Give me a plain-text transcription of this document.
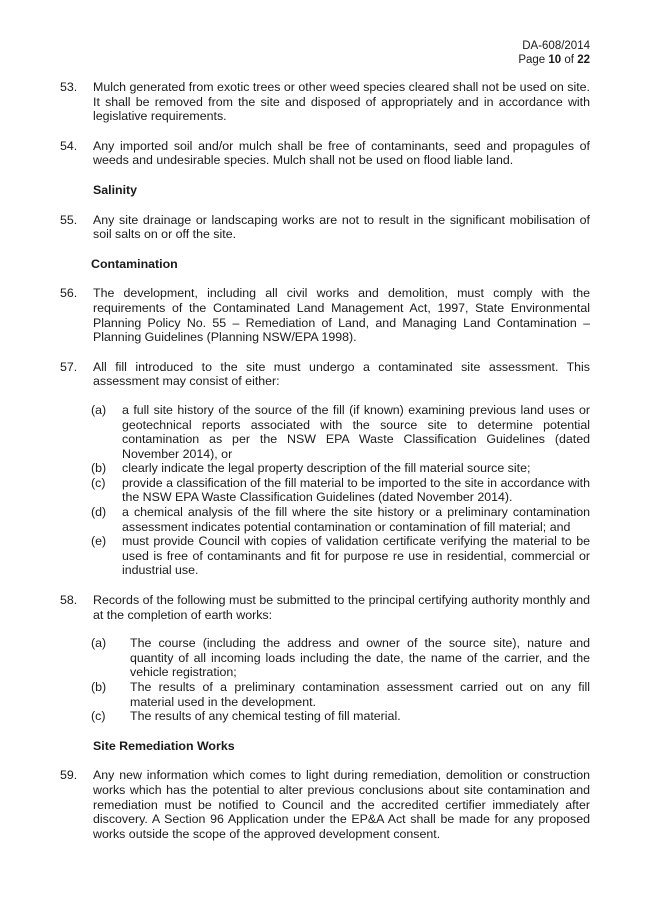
DA-608/2014
Page 10 of 22
53. Mulch generated from exotic trees or other weed species cleared shall not be used on site. It shall be removed from the site and disposed of appropriately and in accordance with legislative requirements.
54. Any imported soil and/or mulch shall be free of contaminants, seed and propagules of weeds and undesirable species. Mulch shall not be used on flood liable land.
Salinity
55. Any site drainage or landscaping works are not to result in the significant mobilisation of soil salts on or off the site.
Contamination
56. The development, including all civil works and demolition, must comply with the requirements of the Contaminated Land Management Act, 1997, State Environmental Planning Policy No. 55 – Remediation of Land, and Managing Land Contamination – Planning Guidelines (Planning NSW/EPA 1998).
57. All fill introduced to the site must undergo a contaminated site assessment. This assessment may consist of either:
(a) a full site history of the source of the fill (if known) examining previous land uses or geotechnical reports associated with the source site to determine potential contamination as per the NSW EPA Waste Classification Guidelines (dated November 2014), or
(b) clearly indicate the legal property description of the fill material source site;
(c) provide a classification of the fill material to be imported to the site in accordance with the NSW EPA Waste Classification Guidelines (dated November 2014).
(d) a chemical analysis of the fill where the site history or a preliminary contamination assessment indicates potential contamination or contamination of fill material; and
(e) must provide Council with copies of validation certificate verifying the material to be used is free of contaminants and fit for purpose re use in residential, commercial or industrial use.
58. Records of the following must be submitted to the principal certifying authority monthly and at the completion of earth works:
(a) The course (including the address and owner of the source site), nature and quantity of all incoming loads including the date, the name of the carrier, and the vehicle registration;
(b) The results of a preliminary contamination assessment carried out on any fill material used in the development.
(c) The results of any chemical testing of fill material.
Site Remediation Works
59. Any new information which comes to light during remediation, demolition or construction works which has the potential to alter previous conclusions about site contamination and remediation must be notified to Council and the accredited certifier immediately after discovery. A Section 96 Application under the EP&A Act shall be made for any proposed works outside the scope of the approved development consent.
